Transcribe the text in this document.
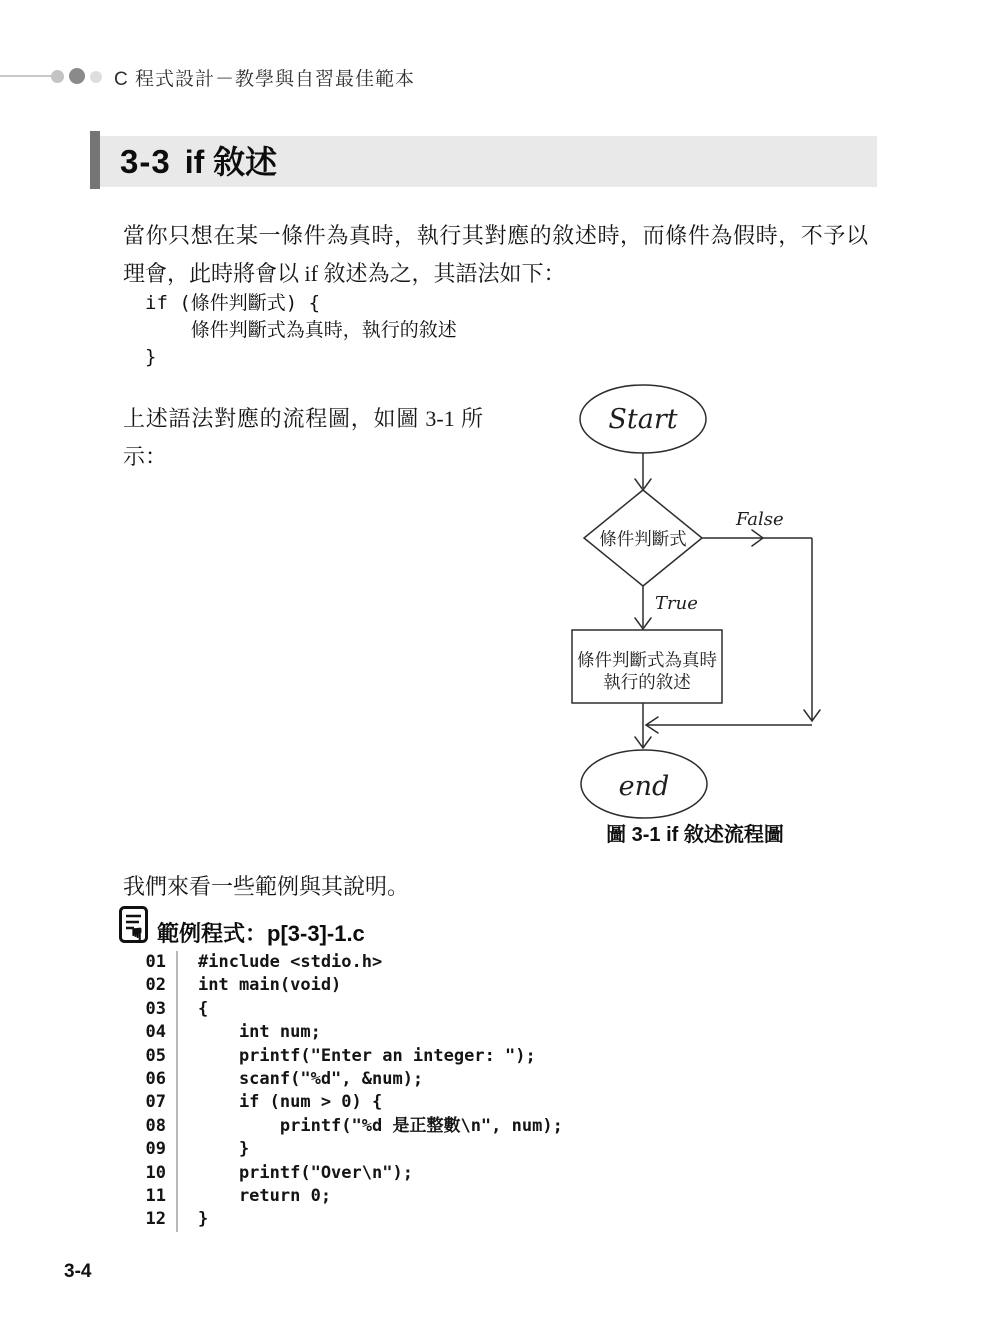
C 程式設計－教學與自習最佳範本
3-3 if 敘述
當你只想在某一條件為真時，執行其對應的敘述時，而條件為假時，不予以理會，此時將會以 if 敘述為之，其語法如下：
if (條件判斷式) {
條件判斷式為真時，執行的敘述
}
上述語法對應的流程圖，如圖 3-1 所示：
Start
條件判斷式
False
True
條件判斷式為真時
執行的敘述
end
圖 3-1 if 敘述流程圖
我們來看一些範例與其說明。
☛ 範例程式：p[3-3]-1.c
01	#include <stdio.h>
02	int main(void)
03	{
04	int num;
05	printf("Enter an integer: ");
06	scanf("%d", &num);
07	if (num > 0) {
08	printf("%d 是正整數\n", num);
09	}
10	printf("Over\n");
11	return 0;
12	}
3-4
